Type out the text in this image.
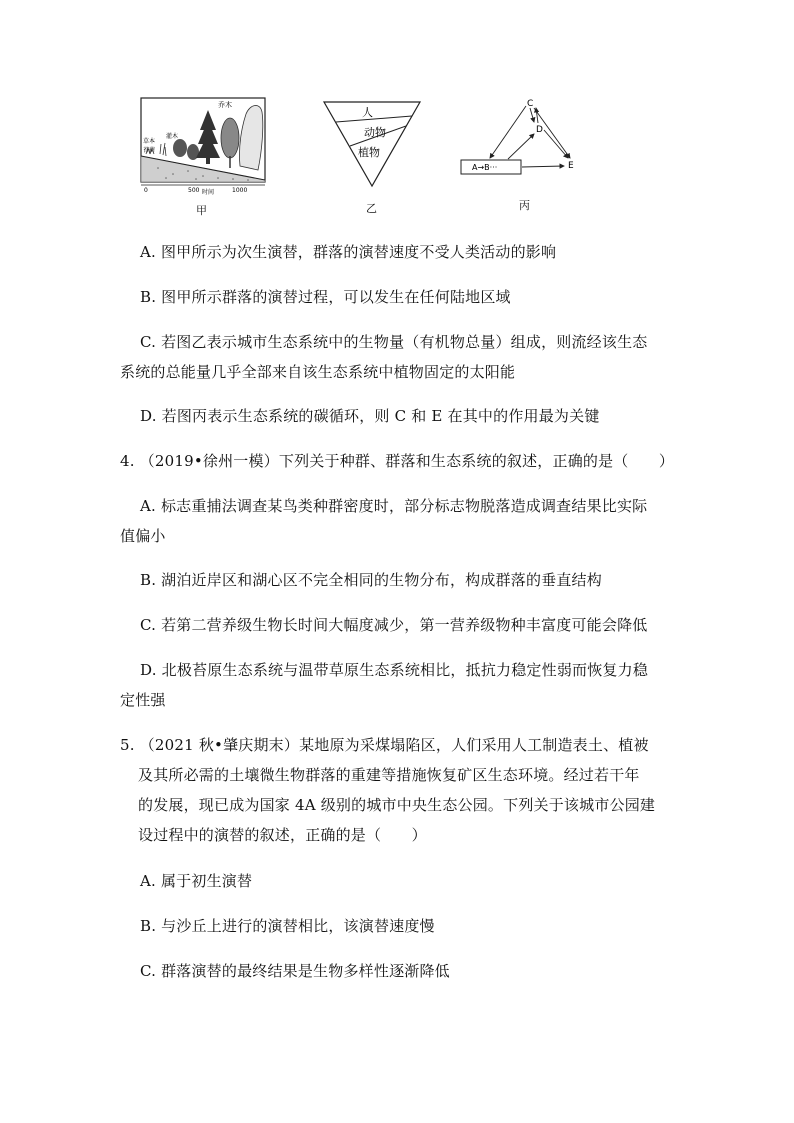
乔木
灌木
草本
苔藓
0	500 时间	1000
甲
人
动物
植物
乙
C
D
E
A→B···
丙
A. 图甲所示为次生演替，群落的演替速度不受人类活动的影响
B. 图甲所示群落的演替过程，可以发生在任何陆地区域
C. 若图乙表示城市生态系统中的生物量（有机物总量）组成，则流经该生态
系统的总能量几乎全部来自该生态系统中植物固定的太阳能
D. 若图丙表示生态系统的碳循环，则 C 和 E 在其中的作用最为关键
4. （2019•徐州一模）下列关于种群、群落和生态系统的叙述，正确的是（　　）
A. 标志重捕法调查某鸟类种群密度时，部分标志物脱落造成调查结果比实际
值偏小
B. 湖泊近岸区和湖心区不完全相同的生物分布，构成群落的垂直结构
C. 若第二营养级生物长时间大幅度减少，第一营养级物种丰富度可能会降低
D. 北极苔原生态系统与温带草原生态系统相比，抵抗力稳定性弱而恢复力稳
定性强
5. （2021 秋•肇庆期末）某地原为采煤塌陷区，人们采用人工制造表土、植被
及其所必需的土壤微生物群落的重建等措施恢复矿区生态环境。经过若干年
的发展，现已成为国家 4A 级别的城市中央生态公园。下列关于该城市公园建
设过程中的演替的叙述，正确的是（　　）
A. 属于初生演替
B. 与沙丘上进行的演替相比，该演替速度慢
C. 群落演替的最终结果是生物多样性逐渐降低
